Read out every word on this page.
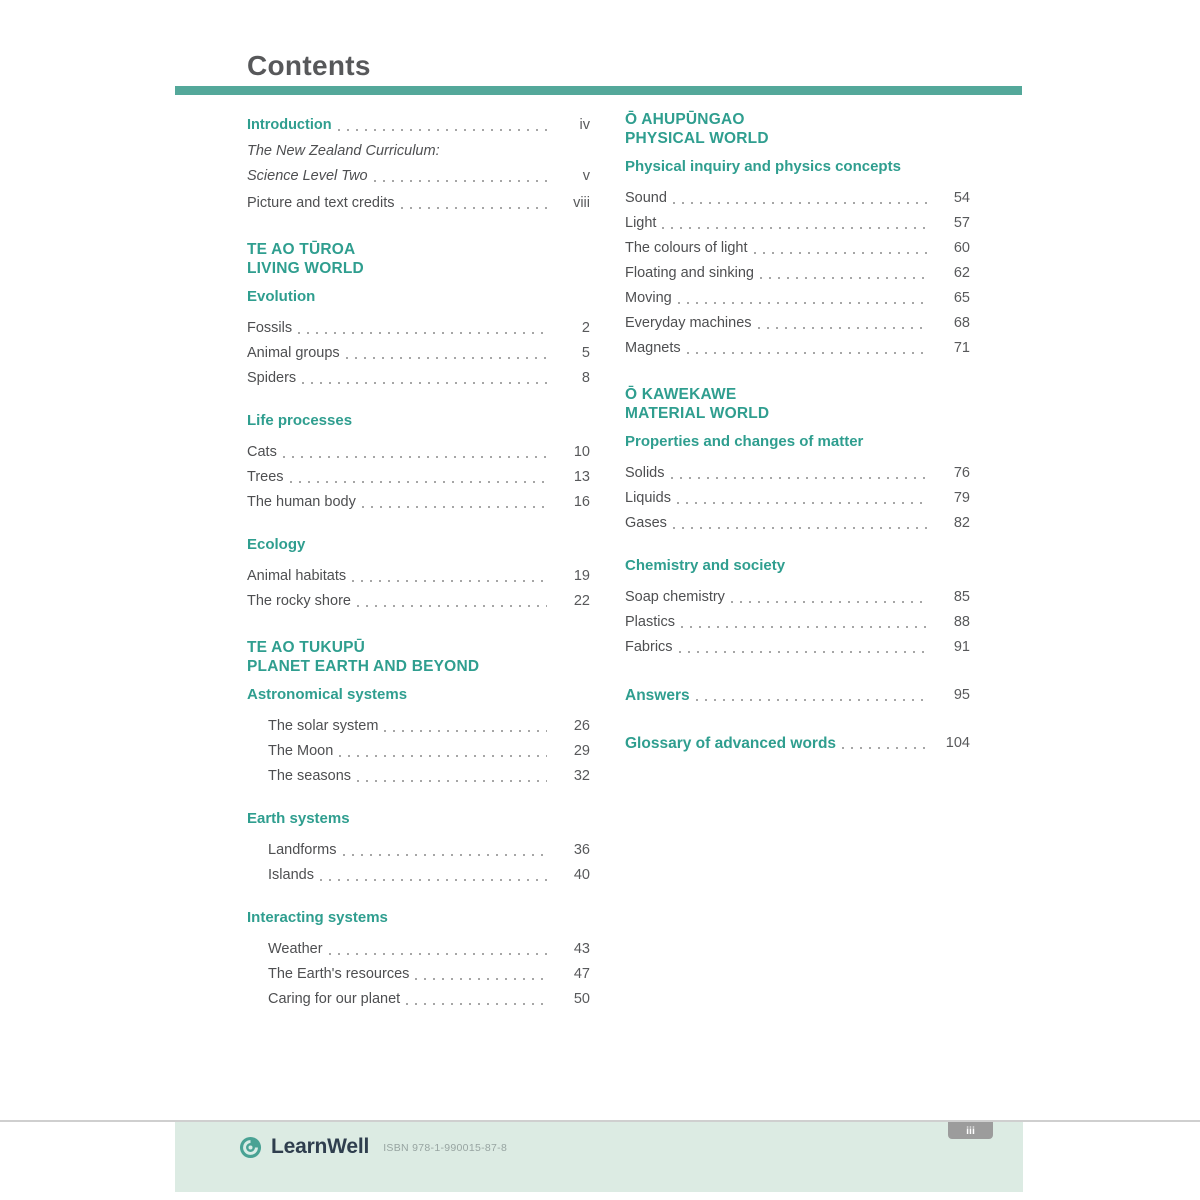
Contents
Introduction	iv
The New Zealand Curriculum:
Science Level Two	v
Picture and text credits	viii
TE AO TŪROA
LIVING WORLD
Evolution
Fossils	2
Animal groups	5
Spiders	8
Life processes
Cats	10
Trees	13
The human body	16
Ecology
Animal habitats	19
The rocky shore	22
TE AO TUKUPŪ
PLANET EARTH AND BEYOND
Astronomical systems
The solar system	26
The Moon	29
The seasons	32
Earth systems
Landforms	36
Islands	40
Interacting systems
Weather	43
The Earth's resources	47
Caring for our planet	50
Ō AHUPŪNGAO
PHYSICAL WORLD
Physical inquiry and physics concepts
Sound	54
Light	57
The colours of light	60
Floating and sinking	62
Moving	65
Everyday machines	68
Magnets	71
Ō KAWEKAWE
MATERIAL WORLD
Properties and changes of matter
Solids	76
Liquids	79
Gases	82
Chemistry and society
Soap chemistry	85
Plastics	88
Fabrics	91
Answers	95
Glossary of advanced words	104
LearnWell ISBN 978-1-990015-87-8
iii
